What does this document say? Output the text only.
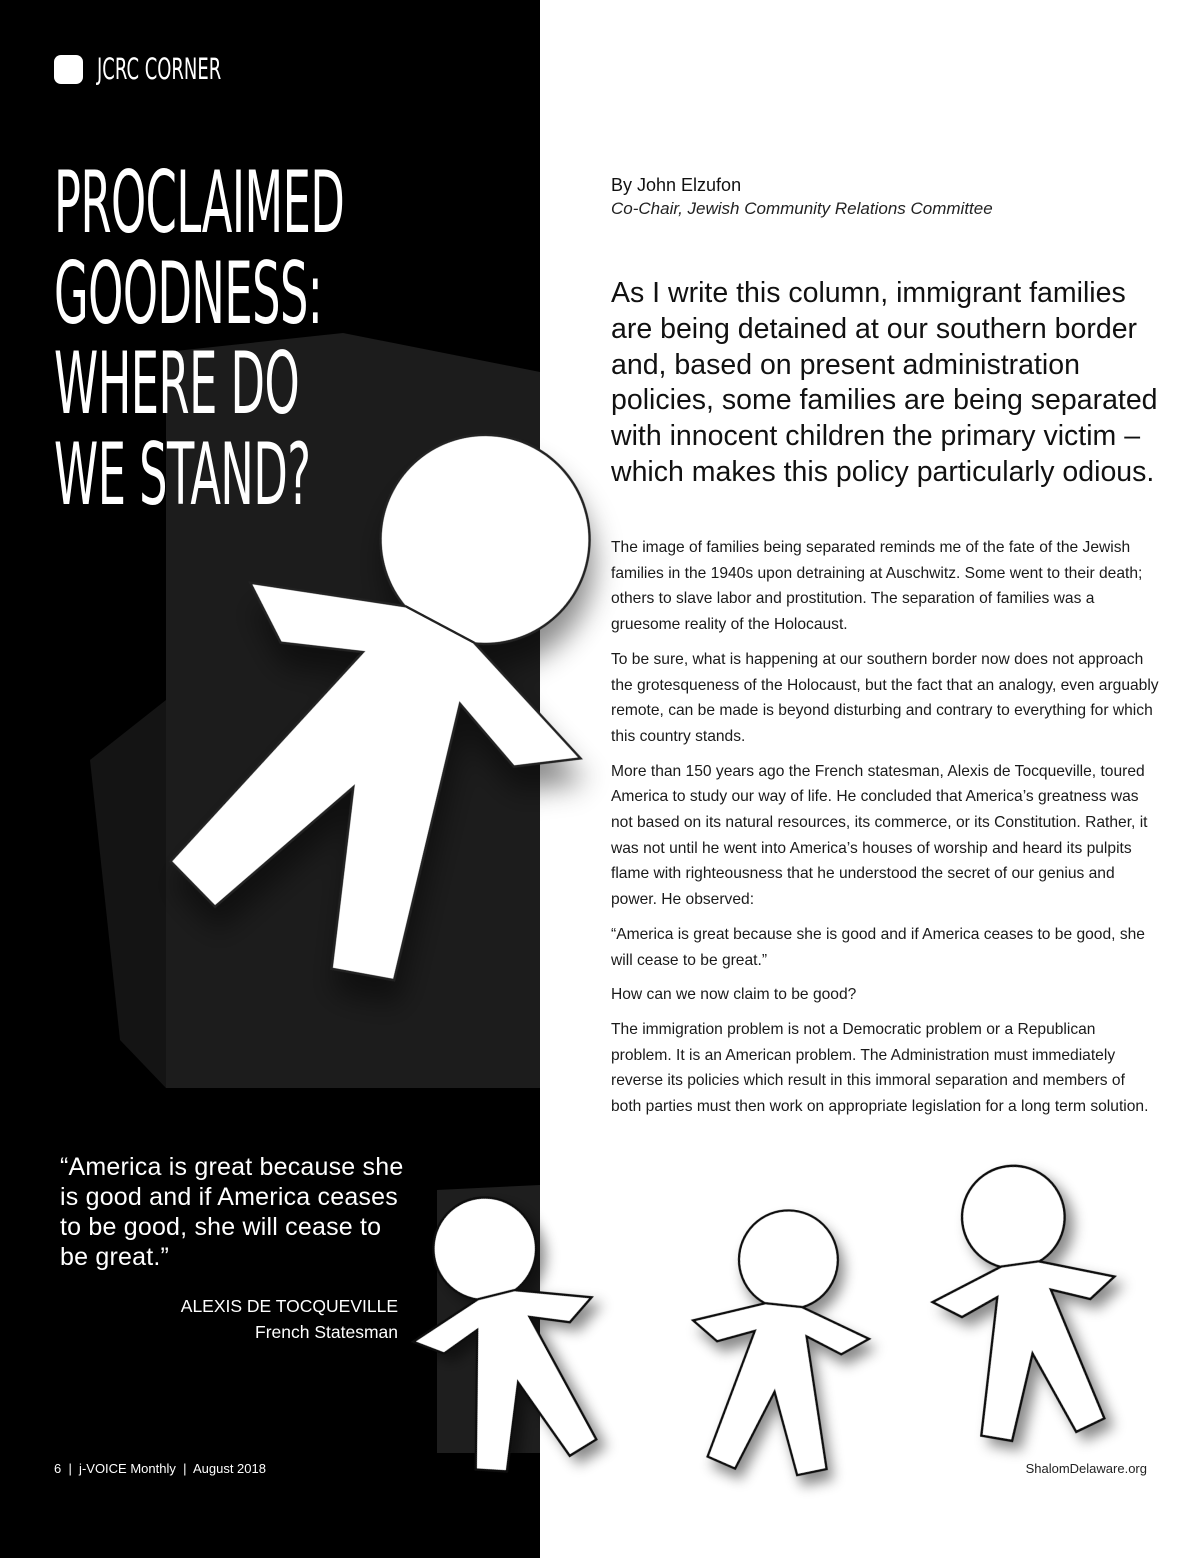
JCRC CORNER
PROCLAIMED
GOODNESS:
WHERE DO
WE STAND?
By John Elzufon
Co-Chair, Jewish Community Relations Committee

As I write this column, immigrant families are being detained at our southern border and, based on present administration policies, some families are being separated with innocent children the primary victim – which makes this policy particularly odious.

The image of families being separated reminds me of the fate of the Jewish families in the 1940s upon detraining at Auschwitz. Some went to their death; others to slave labor and prostitution. The separation of families was a gruesome reality of the Holocaust.

To be sure, what is happening at our southern border now does not approach the grotesqueness of the Holocaust, but the fact that an analogy, even arguably remote, can be made is beyond disturbing and contrary to everything for which this country stands.

More than 150 years ago the French statesman, Alexis de Tocqueville, toured America to study our way of life. He concluded that America’s greatness was not based on its natural resources, its commerce, or its Constitution. Rather, it was not until he went into America’s houses of worship and heard its pulpits flame with righteousness that he understood the secret of our genius and power. He observed:

“America is great because she is good and if America ceases to be good, she will cease to be great.”

How can we now claim to be good?

The immigration problem is not a Democratic problem or a Republican problem. It is an American problem. The Administration must immediately reverse its policies which result in this immoral separation and members of both parties must then work on appropriate legislation for a long term solution.

“America is great because she is good and if America ceases to be good, she will cease to be great.”

ALEXIS DE TOCQUEVILLE
French Statesman
6  |  j-VOICE Monthly  |  August 2018	ShalomDelaware.org
